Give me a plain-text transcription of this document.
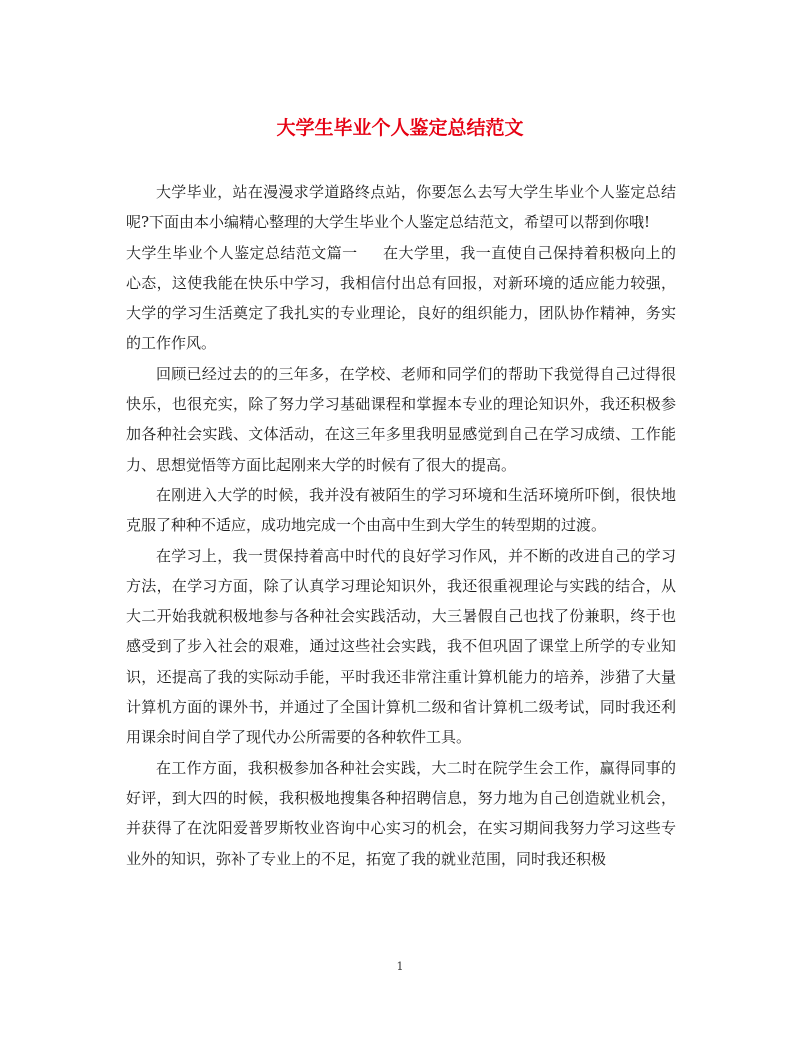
大学生毕业个人鉴定总结范文

大学毕业，站在漫漫求学道路终点站，你要怎么去写大学生毕业个人鉴定总结呢?下面由本小编精心整理的大学生毕业个人鉴定总结范文，希望可以帮到你哦!

大学生毕业个人鉴定总结范文篇一 在大学里，我一直使自己保持着积极向上的心态，这使我能在快乐中学习，我相信付出总有回报，对新环境的适应能力较强，大学的学习生活奠定了我扎实的专业理论，良好的组织能力，团队协作精神，务实的工作作风。

回顾已经过去的的三年多，在学校、老师和同学们的帮助下我觉得自己过得很快乐，也很充实，除了努力学习基础课程和掌握本专业的理论知识外，我还积极参加各种社会实践、文体活动，在这三年多里我明显感觉到自己在学习成绩、工作能力、思想觉悟等方面比起刚来大学的时候有了很大的提高。

在刚进入大学的时候，我并没有被陌生的学习环境和生活环境所吓倒，很快地克服了种种不适应，成功地完成一个由高中生到大学生的转型期的过渡。

在学习上，我一贯保持着高中时代的良好学习作风，并不断的改进自己的学习方法，在学习方面，除了认真学习理论知识外，我还很重视理论与实践的结合，从大二开始我就积极地参与各种社会实践活动，大三暑假自己也找了份兼职，终于也感受到了步入社会的艰难，通过这些社会实践，我不但巩固了课堂上所学的专业知识，还提高了我的实际动手能，平时我还非常注重计算机能力的培养，涉猎了大量计算机方面的课外书，并通过了全国计算机二级和省计算机二级考试，同时我还利用课余时间自学了现代办公所需要的各种软件工具。

在工作方面，我积极参加各种社会实践，大二时在院学生会工作，赢得同事的好评，到大四的时候，我积极地搜集各种招聘信息，努力地为自己创造就业机会，并获得了在沈阳爱普罗斯牧业咨询中心实习的机会，在实习期间我努力学习这些专业外的知识，弥补了专业上的不足，拓宽了我的就业范围，同时我还积极

1
